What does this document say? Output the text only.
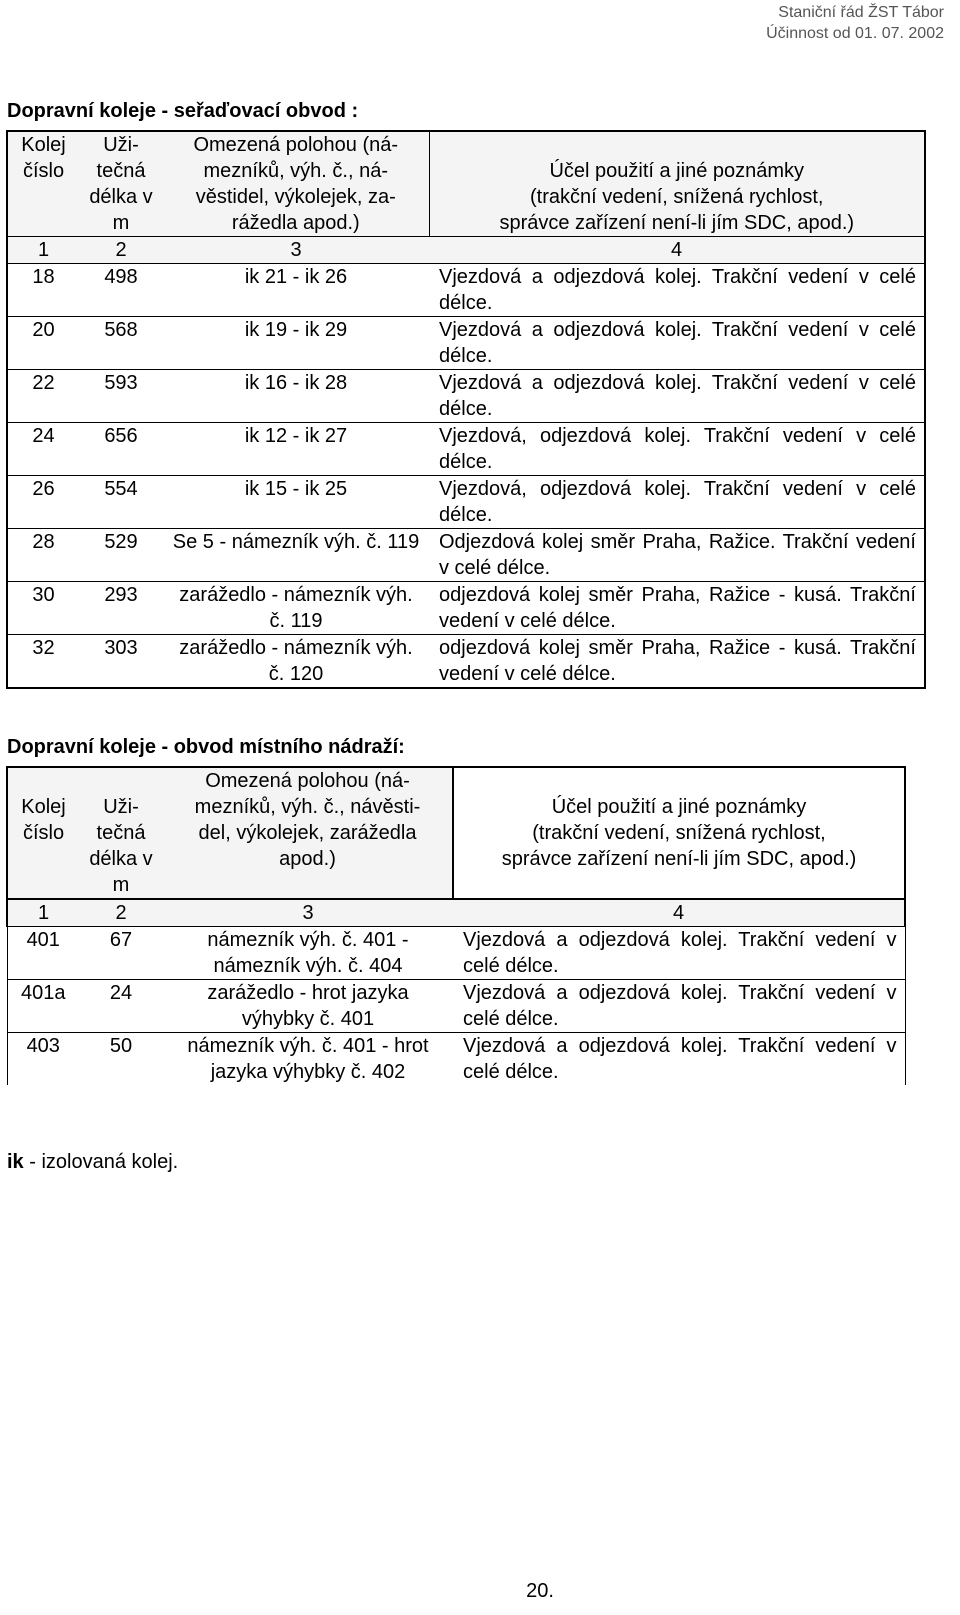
Staniční řád ŽST Tábor
Účinnost od 01. 07. 2002
Dopravní koleje - seřaďovací obvod :
Kolej
číslo	Uži-
tečná
délka v
m	Omezená polohou (ná-
mezníků, výh. č., ná-
věstidel, výkolejek, za-
rážedla apod.)	Účel použití a jiné poznámky
(trakční vedení, snížená rychlost,
správce zařízení není-li jím SDC, apod.)
1	2	3	4
18	498	ik 21 - ik 26	Vjezdová a odjezdová kolej. Trakční vedení v celé délce.
20	568	ik 19 - ik 29	Vjezdová a odjezdová kolej. Trakční vedení v celé délce.
22	593	ik 16 - ik 28	Vjezdová a odjezdová kolej. Trakční vedení v celé délce.
24	656	ik 12 - ik 27	Vjezdová, odjezdová kolej. Trakční vedení v celé délce.
26	554	ik 15 - ik 25	Vjezdová, odjezdová kolej. Trakční vedení v celé délce.
28	529	Se 5 - námezník výh. č. 119	Odjezdová kolej směr Praha, Ražice. Trakční vedení v celé délce.
30	293	zarážedlo - námezník výh. č. 119	odjezdová kolej směr Praha, Ražice - kusá. Trakční vedení v celé délce.
32	303	zarážedlo - námezník výh. č. 120	odjezdová kolej směr Praha, Ražice - kusá. Trakční vedení v celé délce.
Dopravní koleje - obvod místního nádraží:
Kolej
číslo	Uži-
tečná
délka v
m	Omezená polohou (ná-
mezníků, výh. č., návěsti-
del, výkolejek, zarážedla
apod.)	Účel použití a jiné poznámky
(trakční vedení, snížená rychlost,
správce zařízení není-li jím SDC, apod.)
1	2	3	4
401	67	námezník výh. č. 401 - námezník výh. č. 404	Vjezdová a odjezdová kolej. Trakční vedení v celé délce.
401a	24	zarážedlo - hrot jazyka výhybky č. 401	Vjezdová a odjezdová kolej. Trakční vedení v celé délce.
403	50	námezník výh. č. 401 - hrot jazyka výhybky č. 402	Vjezdová a odjezdová kolej. Trakční vedení v celé délce.
ik - izolovaná kolej.
20.
